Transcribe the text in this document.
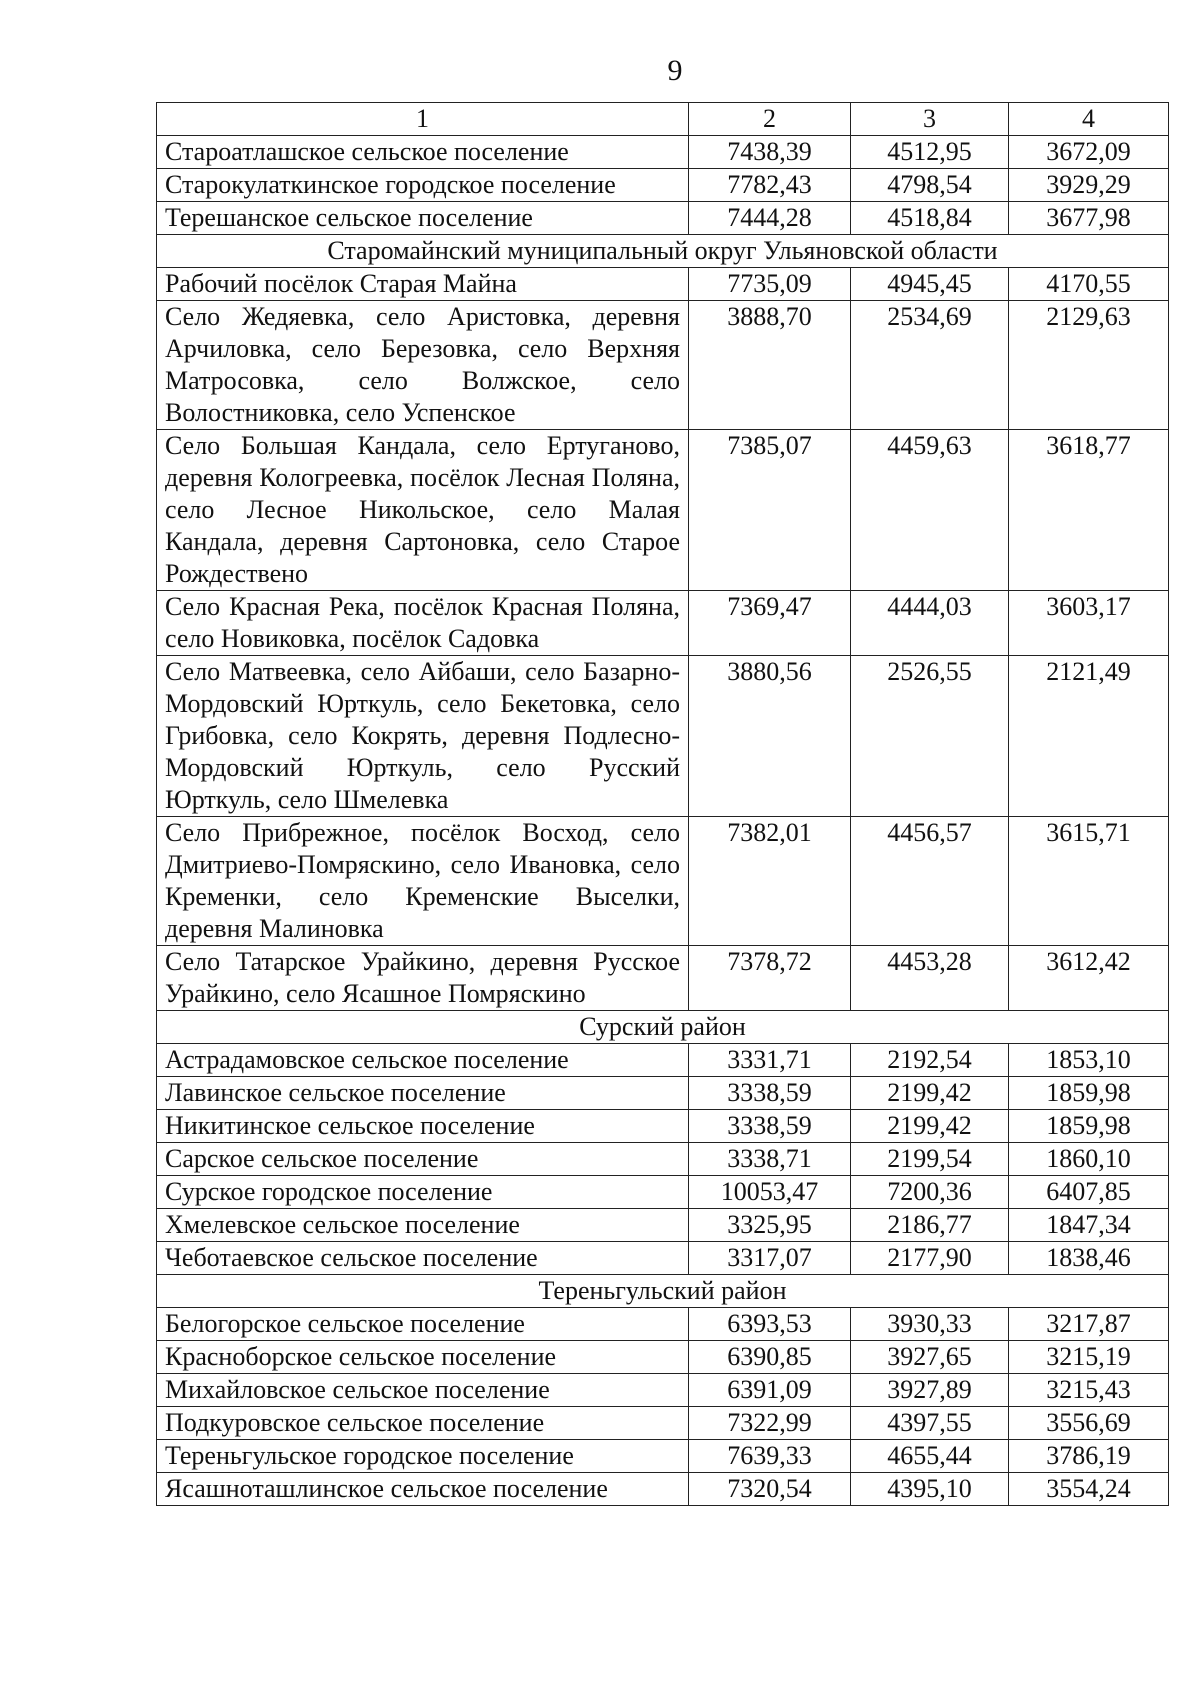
9
1	2	3	4
Староатлашское сельское поселение	7438,39	4512,95	3672,09
Старокулаткинское городское поселение	7782,43	4798,54	3929,29
Терешанское сельское поселение	7444,28	4518,84	3677,98
Старомайнский муниципальный округ Ульяновской области			
Рабочий посёлок Старая Майна	7735,09	4945,45	4170,55
Село Жедяевка, село Аристовка, деревня Арчиловка, село Березовка, село Верхняя Матросовка, село Волжское, село Волостниковка, село Успенское	3888,70	2534,69	2129,63
Село Большая Кандала, село Ертуганово, деревня Кологреевка, посёлок Лесная Поляна, село Лесное Никольское, село Малая Кандала, деревня Сартоновка, село Старое Рождествено	7385,07	4459,63	3618,77
Село Красная Река, посёлок Красная Поляна, село Новиковка, посёлок Садовка	7369,47	4444,03	3603,17
Село Матвеевка, село Айбаши, село Базарно-Мордовский Юрткуль, село Бекетовка, село Грибовка, село Кокрять, деревня Подлесно-Мордовский Юрткуль, село Русский Юрткуль, село Шмелевка	3880,56	2526,55	2121,49
Село Прибрежное, посёлок Восход, село Дмитриево-Помряскино, село Ивановка, село Кременки, село Кременские Выселки, деревня Малиновка	7382,01	4456,57	3615,71
Село Татарское Урайкино, деревня Русское Урайкино, село Ясашное Помряскино	7378,72	4453,28	3612,42
Сурский район			
Астрадамовское сельское поселение	3331,71	2192,54	1853,10
Лавинское сельское поселение	3338,59	2199,42	1859,98
Никитинское сельское поселение	3338,59	2199,42	1859,98
Сарское сельское поселение	3338,71	2199,54	1860,10
Сурское городское поселение	10053,47	7200,36	6407,85
Хмелевское сельское поселение	3325,95	2186,77	1847,34
Чеботаевское сельское поселение	3317,07	2177,90	1838,46
Тереньгульский район			
Белогорское сельское поселение	6393,53	3930,33	3217,87
Красноборское сельское поселение	6390,85	3927,65	3215,19
Михайловское сельское поселение	6391,09	3927,89	3215,43
Подкуровское сельское поселение	7322,99	4397,55	3556,69
Тереньгульское городское поселение	7639,33	4655,44	3786,19
Ясашноташлинское сельское поселение	7320,54	4395,10	3554,24
